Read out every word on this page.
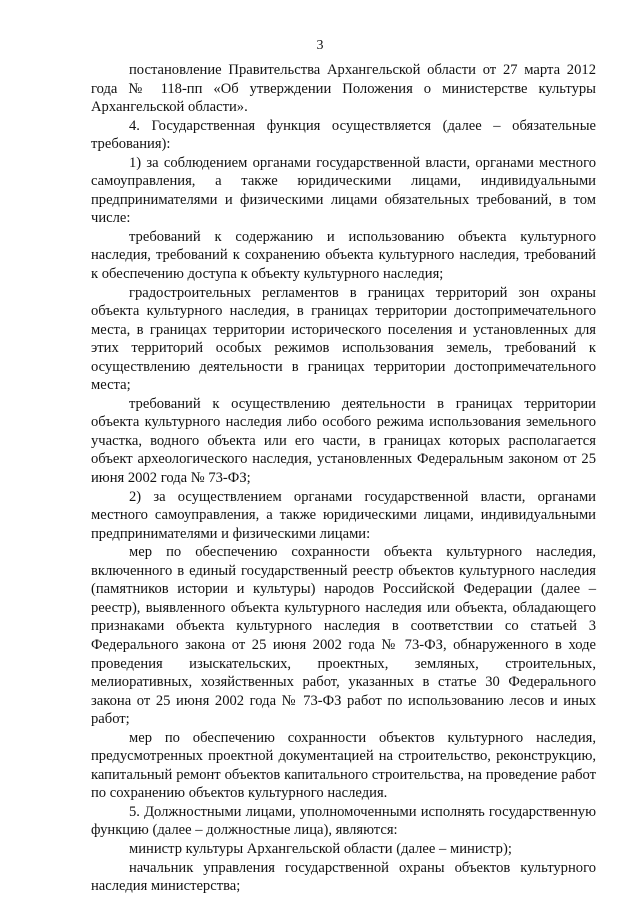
3

постановление Правительства Архангельской области от 27 марта 2012 года № 118-пп «Об утверждении Положения о министерстве культуры Архангельской области».

4. Государственная функция осуществляется (далее – обязательные требования):

1) за соблюдением органами государственной власти, органами местного самоуправления, а также юридическими лицами, индивидуальными предпринимателями и физическими лицами обязательных требований, в том числе:

требований к содержанию и использованию объекта культурного наследия, требований к сохранению объекта культурного наследия, требований к обеспечению доступа к объекту культурного наследия;

градостроительных регламентов в границах территорий зон охраны объекта культурного наследия, в границах территории достопримечательного места, в границах территории исторического поселения и установленных для этих территорий особых режимов использования земель, требований к осуществлению деятельности в границах территории достопримечательного места;

требований к осуществлению деятельности в границах территории объекта культурного наследия либо особого режима использования земельного участка, водного объекта или его части, в границах которых располагается объект археологического наследия, установленных Федеральным законом от 25 июня 2002 года № 73-ФЗ;

2) за осуществлением органами государственной власти, органами местного самоуправления, а также юридическими лицами, индивидуальными предпринимателями и физическими лицами:

мер по обеспечению сохранности объекта культурного наследия, включенного в единый государственный реестр объектов культурного наследия (памятников истории и культуры) народов Российской Федерации (далее – реестр), выявленного объекта культурного наследия или объекта, обладающего признаками объекта культурного наследия в соответствии со статьей 3 Федерального закона от 25 июня 2002 года № 73-ФЗ, обнаруженного в ходе проведения изыскательских, проектных, земляных, строительных, мелиоративных, хозяйственных работ, указанных в статье 30 Федерального закона от 25 июня 2002 года № 73-ФЗ работ по использованию лесов и иных работ;

мер по обеспечению сохранности объектов культурного наследия, предусмотренных проектной документацией на строительство, реконструкцию, капитальный ремонт объектов капитального строительства, на проведение работ по сохранению объектов культурного наследия.

5. Должностными лицами, уполномоченными исполнять государственную функцию (далее – должностные лица), являются:

министр культуры Архангельской области (далее – министр);

начальник управления государственной охраны объектов культурного наследия министерства;
